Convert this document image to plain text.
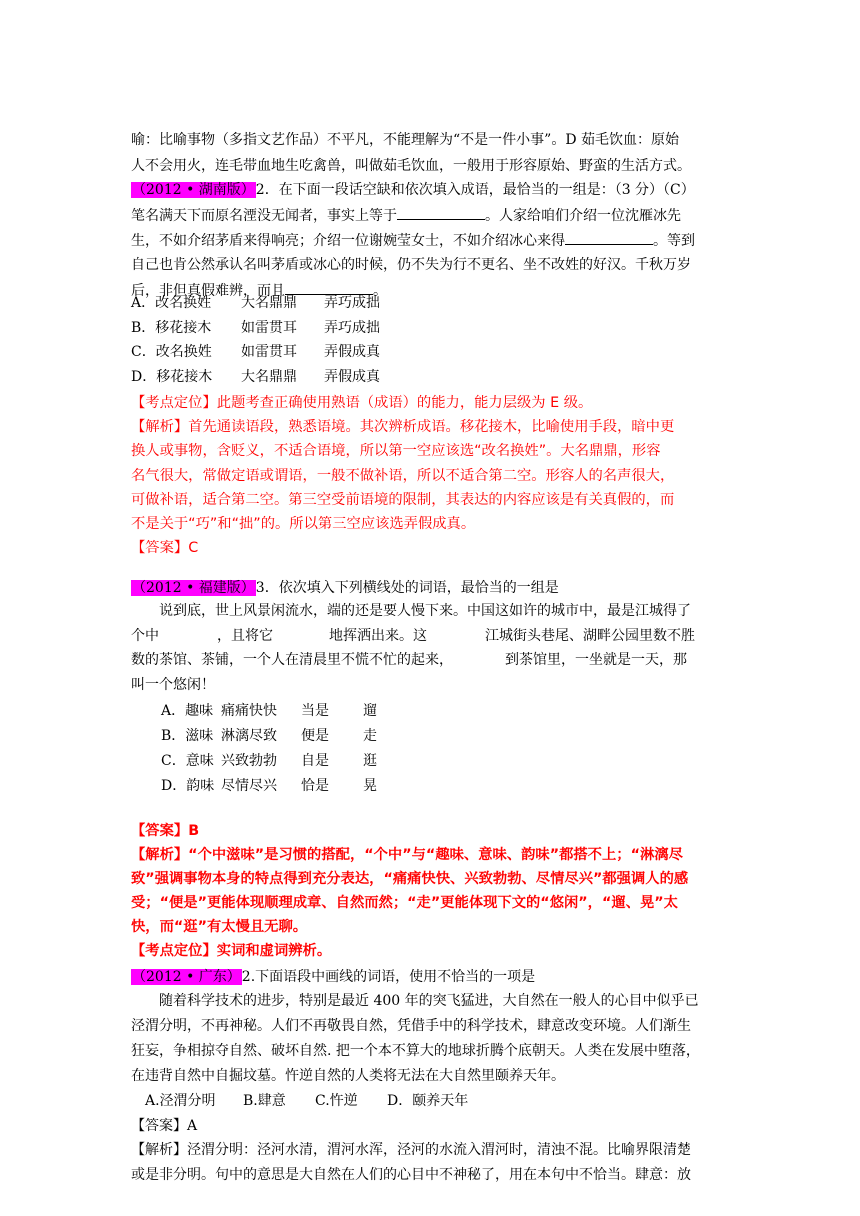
喻：比喻事物（多指文艺作品）不平凡，不能理解为“不是一件小事”。D 茹毛饮血：原始
人不会用火，连毛带血地生吃禽兽，叫做茹毛饮血，一般用于形容原始、野蛮的生活方式。
（2012 • 湖南版）2．在下面一段话空缺和依次填入成语，最恰当的一组是：（3 分）（C）
笔名满天下而原名湮没无闻者，事实上等于	。人家给咱们介绍一位沈雁冰先
生，不如介绍茅盾来得响亮；介绍一位谢婉莹女士，不如介绍冰心来得	。等到
自己也肯公然承认名叫茅盾或冰心的时候，仍不失为行不更名、坐不改姓的好汉。千秋万岁
后，非但真假难辨，而且	。
A．改名换姓 大名鼎鼎 弄巧成拙
B．移花接木 如雷贯耳 弄巧成拙
C．改名换姓 如雷贯耳 弄假成真
D．移花接木 大名鼎鼎 弄假成真
【考点定位】此题考查正确使用熟语（成语）的能力，能力层级为 E 级。
【解析】首先通读语段，熟悉语境。其次辨析成语。移花接木，比喻使用手段，暗中更
换人或事物，含贬义，不适合语境，所以第一空应该选“改名换姓”。大名鼎鼎，形容
名气很大，常做定语或谓语，一般不做补语，所以不适合第二空。形容人的名声很大，
可做补语，适合第二空。第三空受前语境的限制，其表达的内容应该是有关真假的，而
不是关于“巧”和“拙”的。所以第三空应该选弄假成真。
【答案】C
（2012 • 福建版）3．依次填入下列横线处的词语，最恰当的一组是
说到底，世上风景闲流水，端的还是要人慢下来。中国这如许的城市中，最是江城得了
个中	，且将它	地挥洒出来。这	江城街头巷尾、湖畔公园里数不胜
数的茶馆、茶铺，一个人在清晨里不慌不忙的起来，	到茶馆里，一坐就是一天，那
叫一个悠闲！
A．趣味 痛痛快快 当是 遛
B．滋味 淋漓尽致 便是 走
C．意味 兴致勃勃 自是 逛
D．韵味 尽情尽兴 恰是 晃
【答案】B
【解析】“个中滋味”是习惯的搭配，“个中”与“趣味、意味、韵味”都搭不上；“淋漓尽
致”强调事物本身的特点得到充分表达，“痛痛快快、兴致勃勃、尽情尽兴”都强调人的感
受；“便是”更能体现顺理成章、自然而然；“走”更能体现下文的“悠闲”，“遛、晃”太
快，而“逛”有太慢且无聊。
【考点定位】实词和虚词辨析。
（2012 • 广东）2.下面语段中画线的词语，使用不恰当的一项是
随着科学技术的进步，特别是最近 400 年的突飞猛进，大自然在一般人的心目中似乎已
泾渭分明，不再神秘。人们不再敬畏自然，凭借手中的科学技术，肆意改变环境。人们渐生
狂妄，争相掠夺自然、破坏自然. 把一个本不算大的地球折腾个底朝天。人类在发展中堕落，
在违背自然中自掘坟墓。忤逆自然的人类将无法在大自然里颐养天年。
A.泾渭分明 B.肆意 C.忤逆 D．颐养天年
【答案】A
【解析】泾渭分明：泾河水清，渭河水浑，泾河的水流入渭河时，清浊不混。比喻界限清楚
或是非分明。句中的意思是大自然在人们的心目中不神秘了，用在本句中不恰当。肆意：放
